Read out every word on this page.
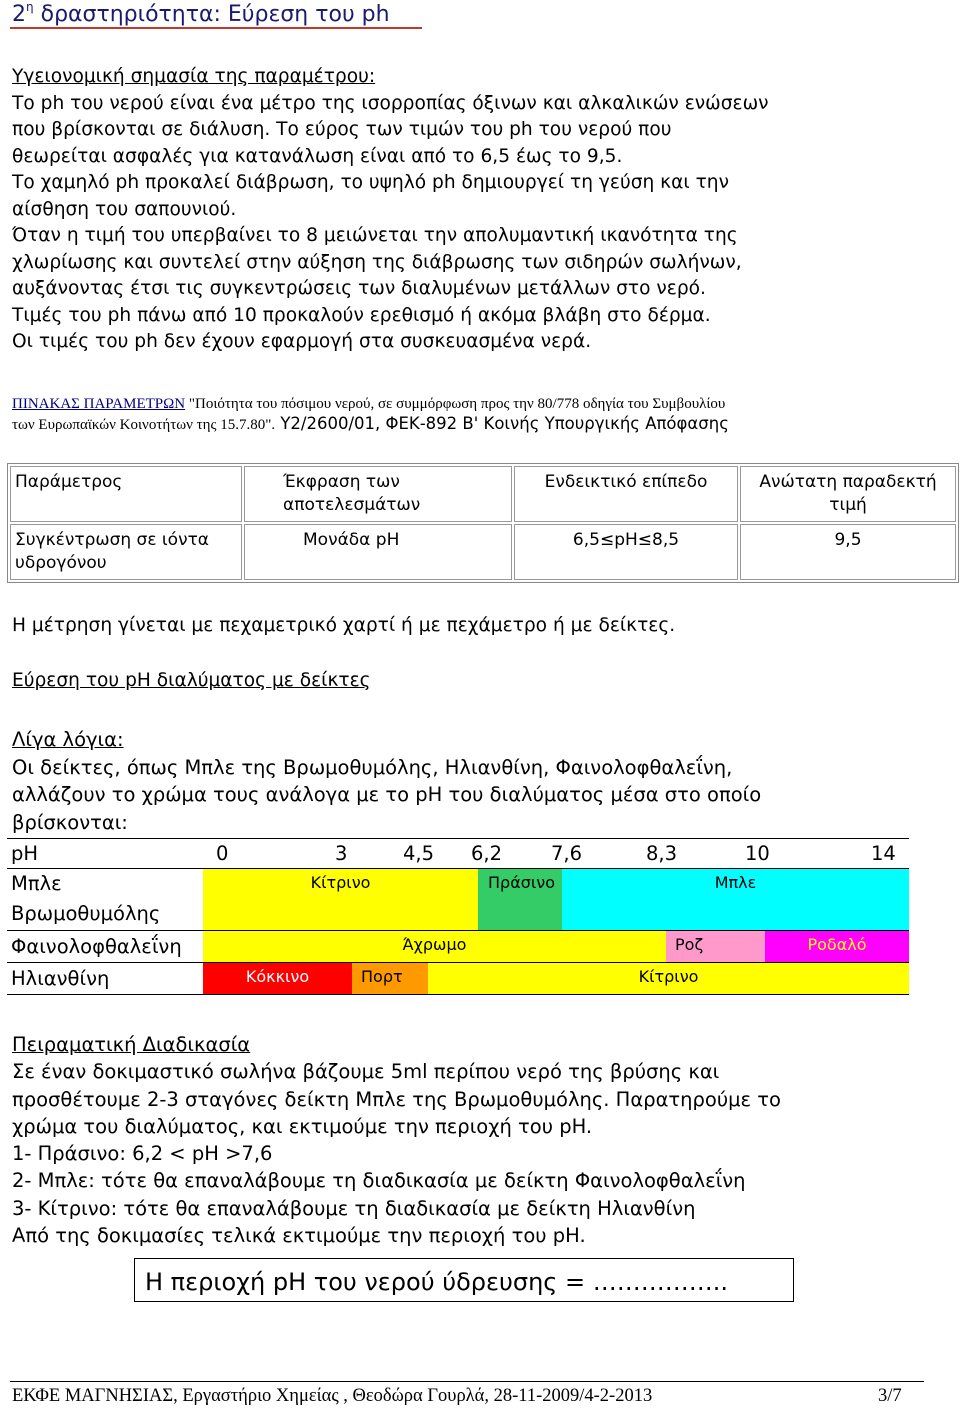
$2^\eta$ δραστηριότητα: Εύρεση του ph
Υγειονομική σημασία της παραμέτρου:
Το ph του νερού είναι ένα μέτρο της ισορροπίας όξινων και αλκαλικών ενώσεων
που βρίσκονται σε διάλυση. Το εύρος των τιμών του ph του νερού που
θεωρείται ασφαλές για κατανάλωση είναι από το 6,5 έως το 9,5.
Το χαμηλό ph προκαλεί διάβρωση, το υψηλό ph δημιουργεί τη γεύση και την
αίσθηση του σαπουνιού.
Όταν η τιμή του υπερβαίνει το 8 μειώνεται την απολυμαντική ικανότητα της
χλωρίωσης και συντελεί στην αύξηση της διάβρωσης των σιδηρών σωλήνων,
αυξάνοντας έτσι τις συγκεντρώσεις των διαλυμένων μετάλλων στο νερό.
Τιμές του ph πάνω από 10 προκαλούν ερεθισμό ή ακόμα βλάβη στο δέρμα.
Οι τιμές του ph δεν έχουν εφαρμογή στα συσκευασμένα νερά.
ΠΙΝΑΚΑΣ ΠΑΡΑΜΕΤΡΩΝ "Ποιότητα του πόσιμου νερού, σε συμμόρφωση προς την 80/778 οδηγία του Συμβουλίου
των Ευρωπαϊκών Κοινοτήτων της 15.7.80". Υ2/2600/01, ΦΕΚ-892 Β' Κοινής Υπουργικής Απόφασης
Παράμετρος	Έκφραση των αποτελεσμάτων	Ενδεικτικό επίπεδο	Ανώτατη παραδεκτή τιμή
Συγκέντρωση σε ιόντα υδρογόνου	Μονάδα pH	6,5≤pH≤8,5	9,5
Η μέτρηση γίνεται με πεχαμετρικό χαρτί ή με πεχάμετρο ή με δείκτες.
Εύρεση του pH διαλύματος με δείκτες
Λίγα λόγια:
Οι δείκτες, όπως Μπλε της Βρωμοθυμόλης, Ηλιανθίνη, Φαινολοφθαλεΐνη,
αλλάζουν το χρώμα τους ανάλογα με το pH του διαλύματος μέσα στο οποίο
βρίσκονται:
pH	0	3	4,5 6,2	7,6	8,3	10	14
Μπλε
Βρωμοθυμόλης
Κίτρινο	Πράσινο	Μπλε
Φαινολοφθαλεΐνη	Άχρωμο	Ροζ	Ροδαλό
Ηλιανθίνη	Κόκκινο	Πορτ	Κίτρινο
Πειραματική Διαδικασία
Σε έναν δοκιμαστικό σωλήνα βάζουμε 5ml περίπου νερό της βρύσης και
προσθέτουμε 2-3 σταγόνες δείκτη Μπλε της Βρωμοθυμόλης. Παρατηρούμε το
χρώμα του διαλύματος, και εκτιμούμε την περιοχή του pH.
1- Πράσινο: 6,2 < pH >7,6
2- Μπλε: τότε θα επαναλάβουμε τη διαδικασία με δείκτη Φαινολοφθαλεΐνη
3- Κίτρινο: τότε θα επαναλάβουμε τη διαδικασία με δείκτη Ηλιανθίνη
Από της δοκιμασίες τελικά εκτιμούμε την περιοχή του pH.
Η περιοχή pH του νερού ύδρευσης = ……………..
ΕΚΦΕ ΜΑΓΝΗΣΙΑΣ, Εργαστήριο Χημείας , Θεοδώρα Γουρλά, 28-11-2009/4-2-2013	3/7
